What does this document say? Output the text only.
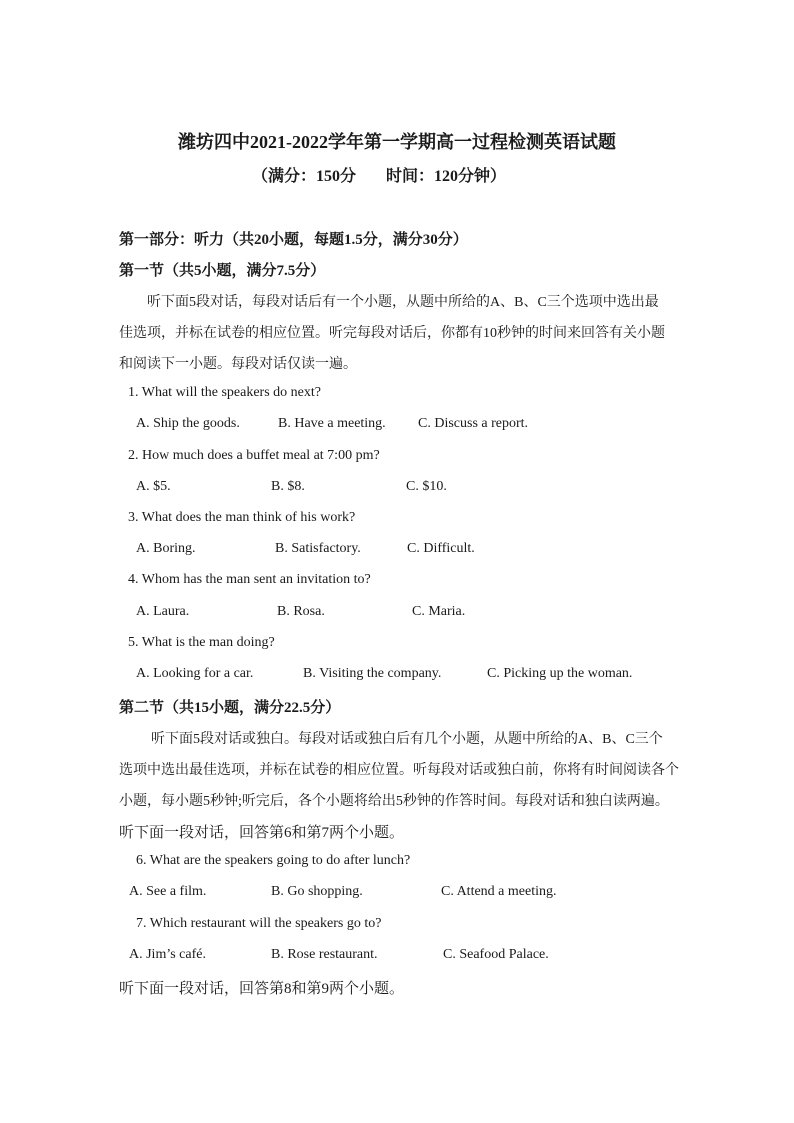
潍坊四中2021-2022学年第一学期高一过程检测英语试题
（满分：150分 时间：120分钟）
第一部分：听力（共20小题，每题1.5分，满分30分）
第一节（共5小题，满分7.5分）
听下面5段对话，每段对话后有一个小题，从题中所给的A、B、C三个选项中选出最
佳选项，并标在试卷的相应位置。听完每段对话后，你都有10秒钟的时间来回答有关小题
和阅读下一小题。每段对话仅读一遍。
1. What will the speakers do next?
A. Ship the goods.	B. Have a meeting. C. Discuss a report.
2. How much does a buffet meal at 7:00 pm?
A. $5.	B. $8.	C. $10.
3. What does the man think of his work?
A. Boring.	B. Satisfactory.	C. Difficult.
4. Whom has the man sent an invitation to?
A. Laura.	B. Rosa.	C. Maria.
5. What is the man doing?
A. Looking for a car.	B. Visiting the company.	C. Picking up the woman.
第二节（共15小题，满分22.5分）
听下面5段对话或独白。每段对话或独白后有几个小题，从题中所给的A、B、C三个
选项中选出最佳选项，并标在试卷的相应位置。听每段对话或独白前，你将有时间阅读各个
小题，每小题5秒钟;听完后，各个小题将给出5秒钟的作答时间。每段对话和独白读两遍。
听下面一段对话，回答第6和第7两个小题。
6. What are the speakers going to do after lunch?
A. See a film.	B. Go shopping.	C. Attend a meeting.
7. Which restaurant will the speakers go to?
A. Jim’s café.	B. Rose restaurant.	C. Seafood Palace.
听下面一段对话，回答第8和第9两个小题。
